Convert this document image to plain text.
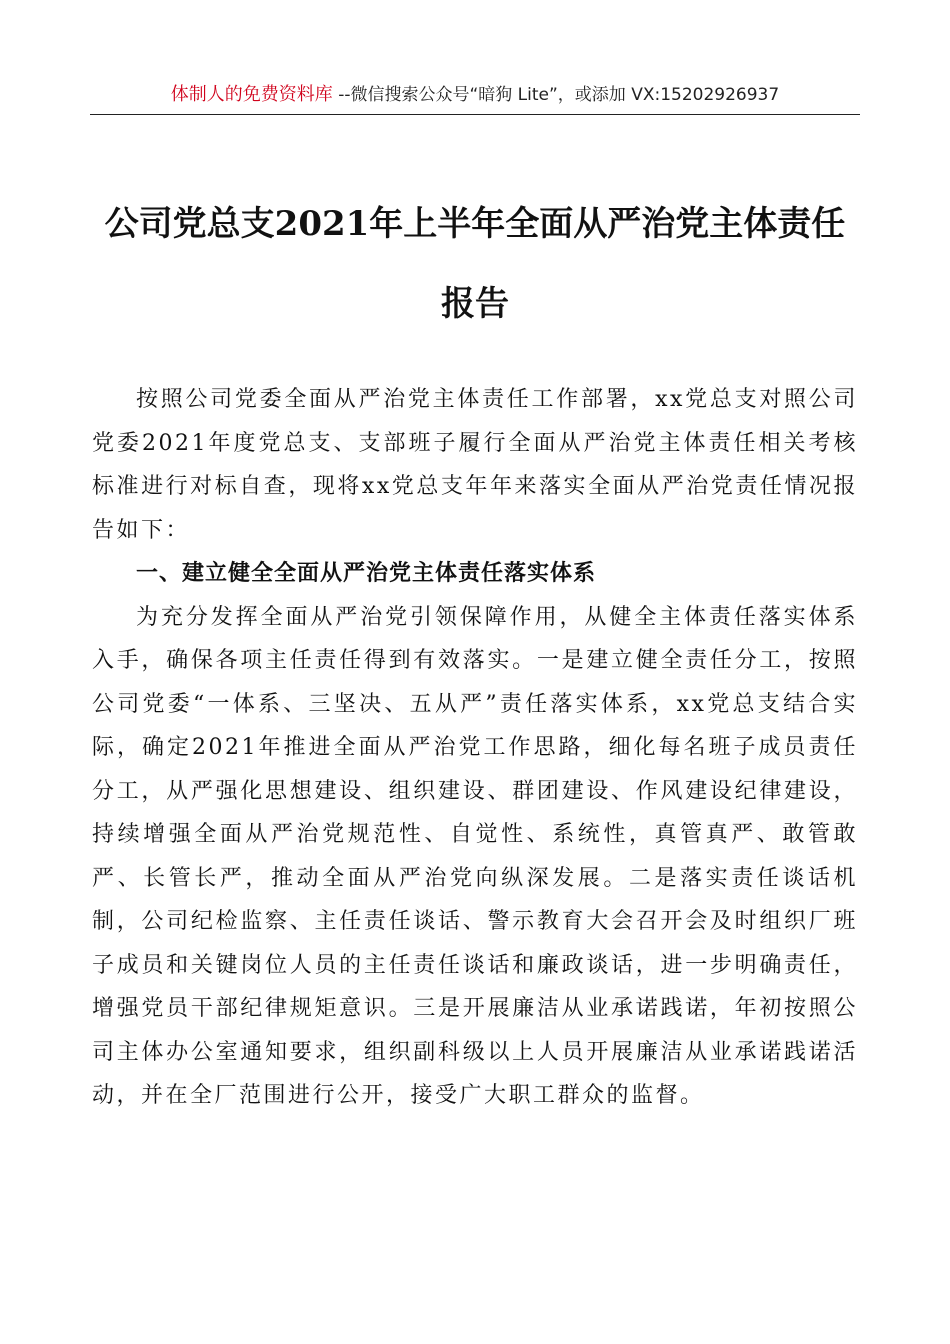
体制人的免费资料库 --微信搜索公众号“暗狗 Lite”，或添加 VX:15202926937
公司党总支2021年上半年全面从严治党主体责任
报告

按照公司党委全面从严治党主体责任工作部署，xx党总支对照公司党委2021年度党总支、支部班子履行全面从严治党主体责任相关考核标准进行对标自查，现将xx党总支年年来落实全面从严治党责任情况报告如下：

一、建立健全全面从严治党主体责任落实体系

为充分发挥全面从严治党引领保障作用，从健全主体责任落实体系入手，确保各项主任责任得到有效落实。一是建立健全责任分工，按照公司党委“一体系、三坚决、五从严”责任落实体系，xx党总支结合实际，确定2021年推进全面从严治党工作思路，细化每名班子成员责任分工，从严强化思想建设、组织建设、群团建设、作风建设纪律建设，持续增强全面从严治党规范性、自觉性、系统性，真管真严、敢管敢严、长管长严，推动全面从严治党向纵深发展。二是落实责任谈话机制，公司纪检监察、主任责任谈话、警示教育大会召开会及时组织厂班子成员和关键岗位人员的主任责任谈话和廉政谈话，进一步明确责任，增强党员干部纪律规矩意识。三是开展廉洁从业承诺践诺，年初按照公司主体办公室通知要求，组织副科级以上人员开展廉洁从业承诺践诺活动，并在全厂范围进行公开，接受广大职工群众的监督。
